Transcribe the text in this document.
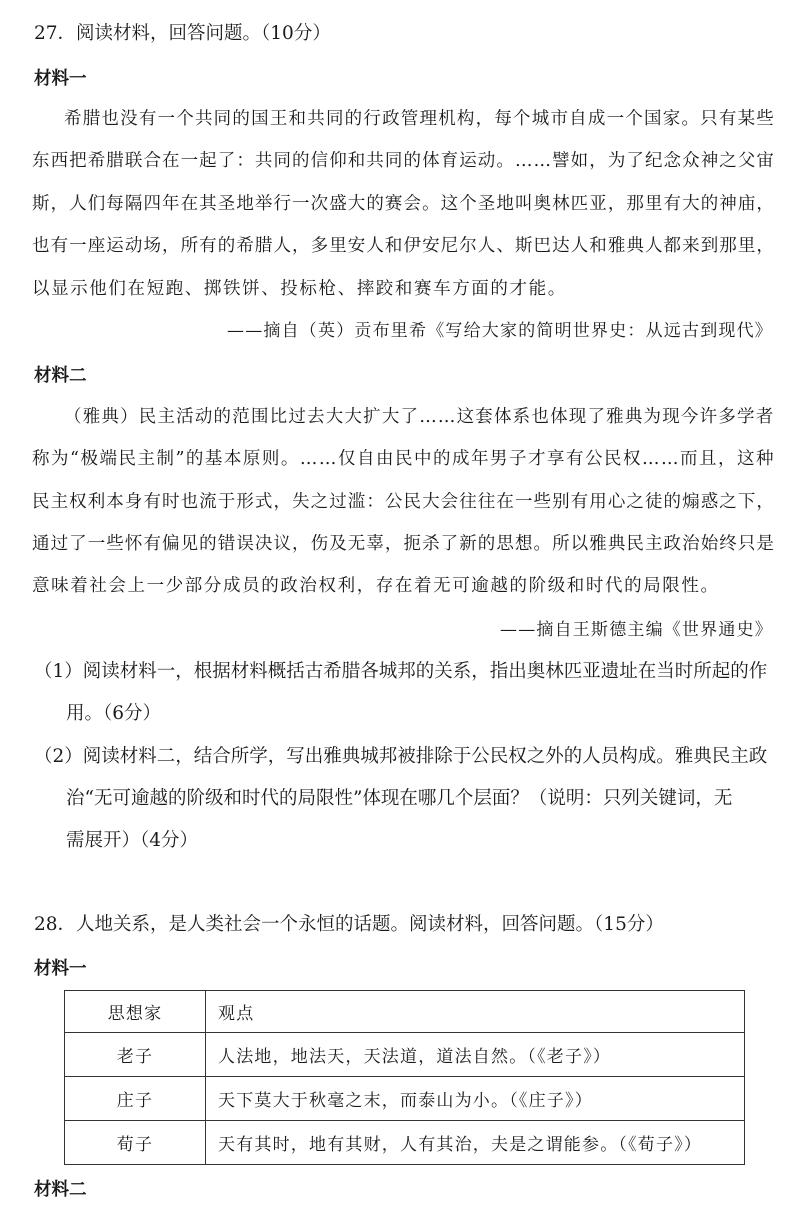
27．阅读材料，回答问题。（10分）
材料一
希腊也没有一个共同的国王和共同的行政管理机构，每个城市自成一个国家。只有某些
东西把希腊联合在一起了：共同的信仰和共同的体育运动。……譬如，为了纪念众神之父宙
斯，人们每隔四年在其圣地举行一次盛大的赛会。这个圣地叫奥林匹亚，那里有大的神庙，
也有一座运动场，所有的希腊人，多里安人和伊安尼尔人、斯巴达人和雅典人都来到那里，
以显示他们在短跑、掷铁饼、投标枪、摔跤和赛车方面的才能。
——摘自（英）贡布里希《写给大家的简明世界史：从远古到现代》
材料二
（雅典）民主活动的范围比过去大大扩大了……这套体系也体现了雅典为现今许多学者
称为“极端民主制”的基本原则。……仅自由民中的成年男子才享有公民权……而且，这种
民主权利本身有时也流于形式，失之过滥：公民大会往往在一些别有用心之徒的煽惑之下，
通过了一些怀有偏见的错误决议，伤及无辜，扼杀了新的思想。所以雅典民主政治始终只是
意味着社会上一少部分成员的政治权利，存在着无可逾越的阶级和时代的局限性。
——摘自王斯德主编《世界通史》
（1）阅读材料一，根据材料概括古希腊各城邦的关系，指出奥林匹亚遗址在当时所起的作
用。（6分）
（2）阅读材料二，结合所学，写出雅典城邦被排除于公民权之外的人员构成。雅典民主政
治“无可逾越的阶级和时代的局限性”体现在哪几个层面？（说明：只列关键词，无
需展开）（4分）
28．人地关系，是人类社会一个永恒的话题。阅读材料，回答问题。（15分）
材料一
思想家	观点
老子	人法地，地法天，天法道，道法自然。（《老子》）
庄子	天下莫大于秋毫之末，而泰山为小。（《庄子》）
荀子	天有其时，地有其财，人有其治，夫是之谓能参。（《荀子》）
材料二
